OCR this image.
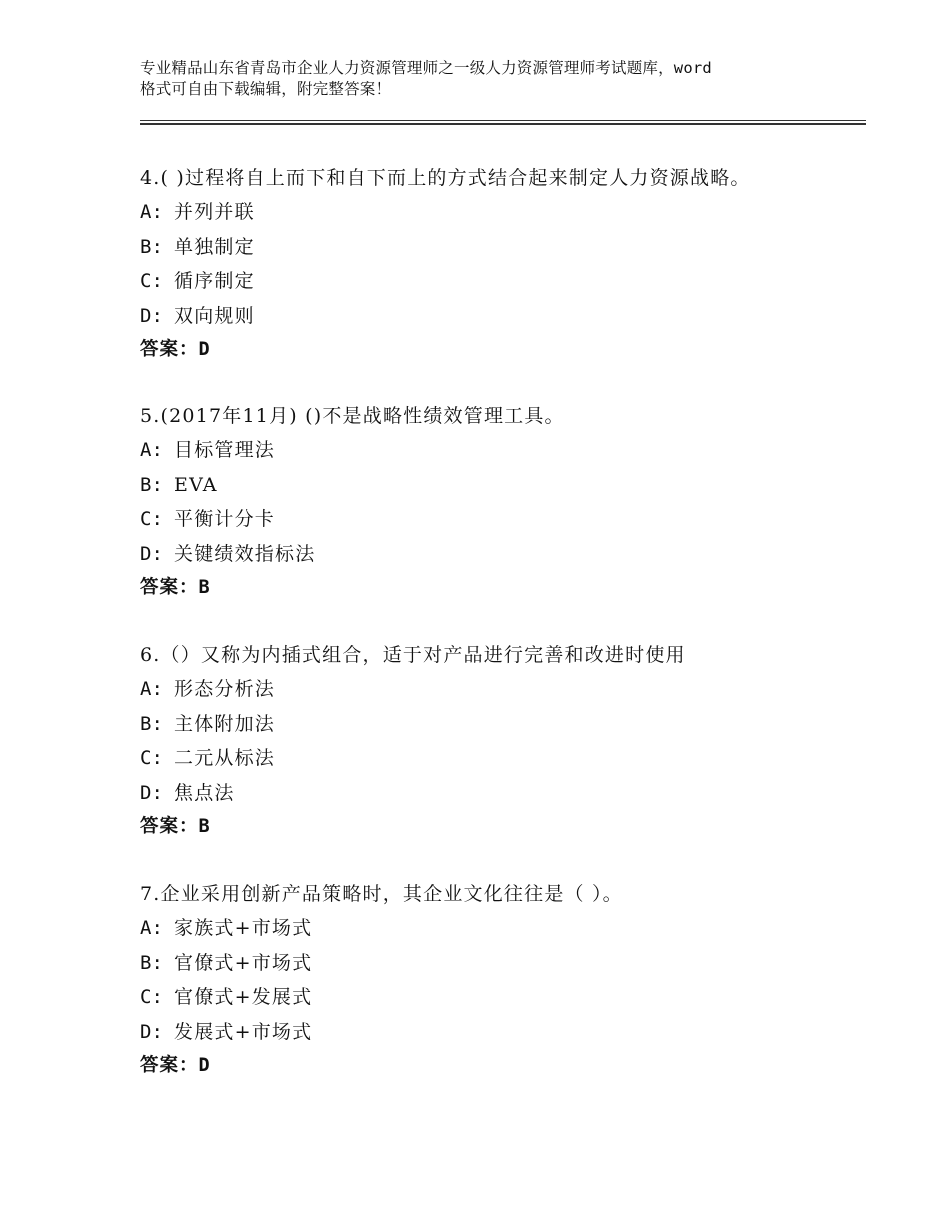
专业精品山东省青岛市企业人力资源管理师之一级人力资源管理师考试题库，word
格式可自由下载编辑，附完整答案！
4.( )过程将自上而下和自下而上的方式结合起来制定人力资源战略。
A: 并列并联
B: 单独制定
C: 循序制定
D: 双向规则
答案：D
5.(2017年11月) ()不是战略性绩效管理工具。
A: 目标管理法
B: EVA
C: 平衡计分卡
D: 关键绩效指标法
答案：B
6.（）又称为内插式组合，适于对产品进行完善和改进时使用
A: 形态分析法
B: 主体附加法
C: 二元从标法
D: 焦点法
答案：B
7.企业采用创新产品策略时，其企业文化往往是（ ）。
A: 家族式+市场式
B: 官僚式+市场式
C: 官僚式+发展式
D: 发展式+市场式
答案：D
